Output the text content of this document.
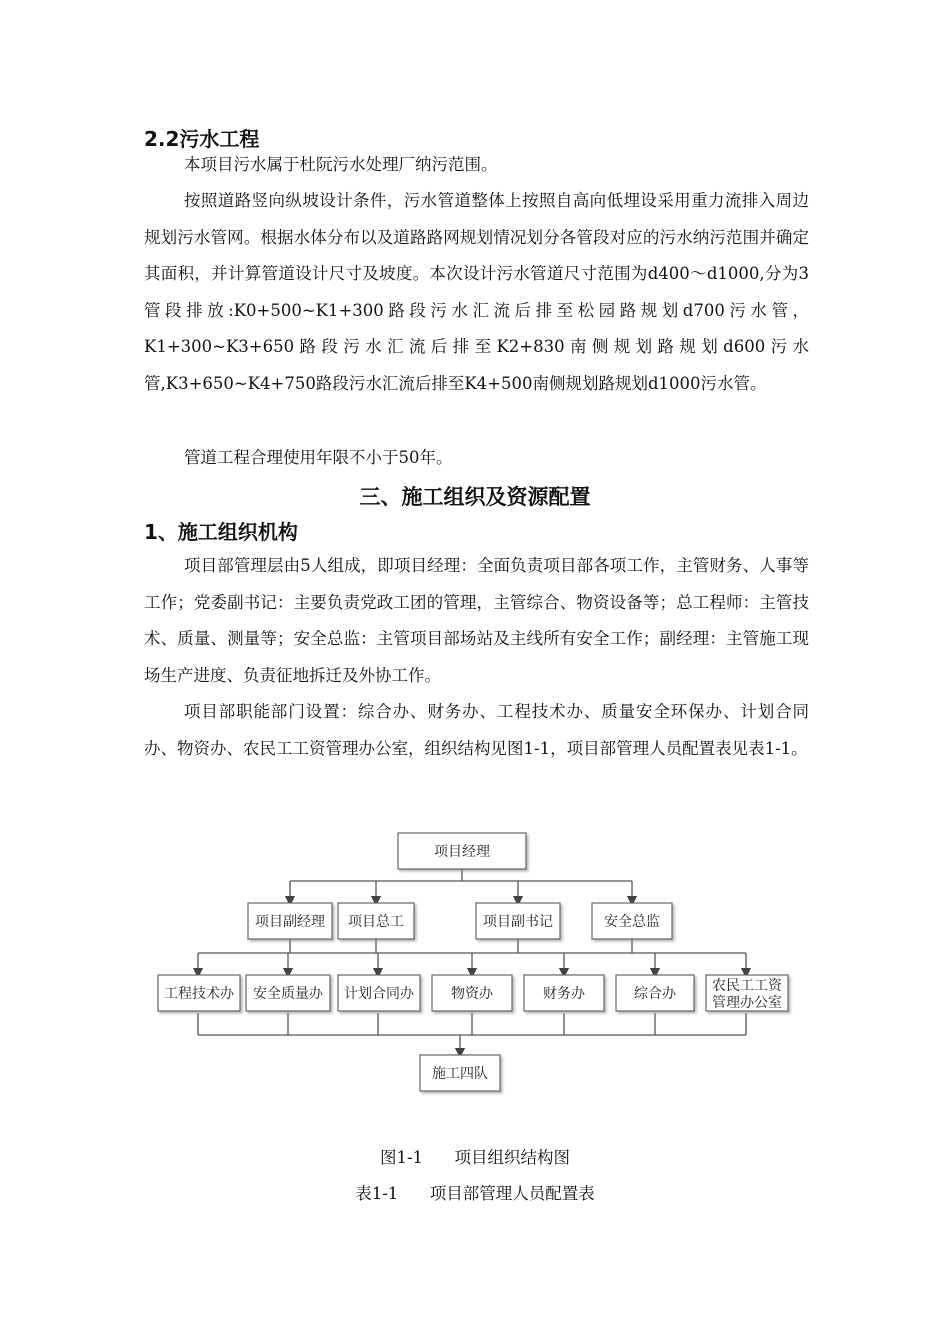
2.2污水工程

本项目污水属于杜阮污水处理厂纳污范围。

按照道路竖向纵坡设计条件，污水管道整体上按照自高向低埋设采用重力流排入周边规划污水管网。根据水体分布以及道路路网规划情况划分各管段对应的污水纳污范围并确定其面积，并计算管道设计尺寸及坡度。本次设计污水管道尺寸范围为d400～d1000,分为3管段排放:K0+500~K1+300路段污水汇流后排至松园路规划d700污水管，K1+300~K3+650路段污水汇流后排至K2+830南侧规划路规划d600污水管,K3+650~K4+750路段污水汇流后排至K4+500南侧规划路规划d1000污水管。

管道工程合理使用年限不小于50年。

三、施工组织及资源配置
1、施工组织机构

项目部管理层由5人组成，即项目经理：全面负责项目部各项工作，主管财务、人事等工作；党委副书记：主要负责党政工团的管理，主管综合、物资设备等；总工程师：主管技术、质量、测量等；安全总监：主管项目部场站及主线所有安全工作；副经理：主管施工现场生产进度、负责征地拆迁及外协工作。

项目部职能部门设置：综合办、财务办、工程技术办、质量安全环保办、计划合同办、物资办、农民工工资管理办公室，组织结构见图1-1，项目部管理人员配置表见表1-1。

项目经理
项目副经理 项目总工	项目副书记	安全总监
工程技术办 安全质量办 计划合同办	物资办	财务办	综合办	农民工工资
管理办公室
施工四队
图1-1      项目组织结构图
表1-1      项目部管理人员配置表
